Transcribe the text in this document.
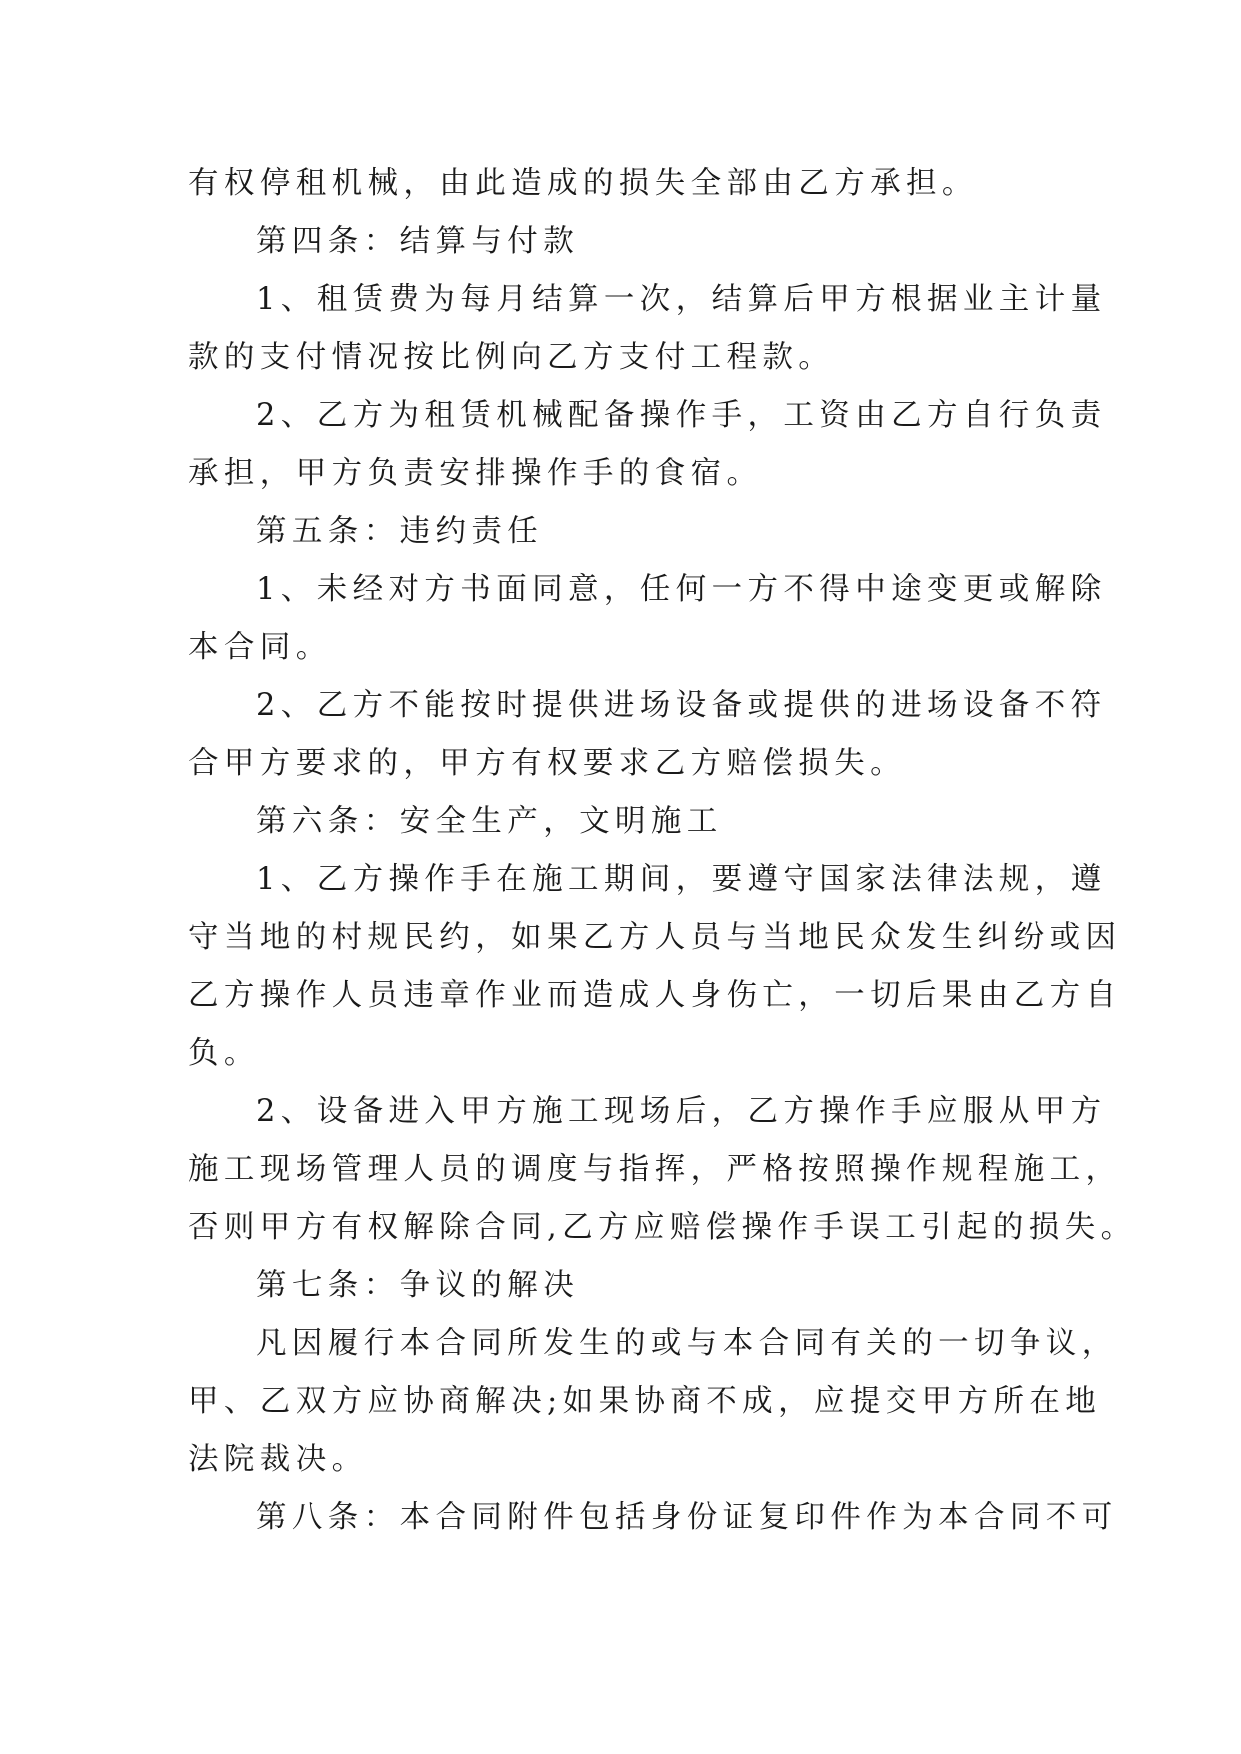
有权停租机械，由此造成的损失全部由乙方承担。
第四条：结算与付款
1、租赁费为每月结算一次，结算后甲方根据业主计量
款的支付情况按比例向乙方支付工程款。
2、乙方为租赁机械配备操作手，工资由乙方自行负责
承担，甲方负责安排操作手的食宿。
第五条：违约责任
1、未经对方书面同意，任何一方不得中途变更或解除
本合同。
2、乙方不能按时提供进场设备或提供的进场设备不符
合甲方要求的，甲方有权要求乙方赔偿损失。
第六条：安全生产，文明施工
1、乙方操作手在施工期间，要遵守国家法律法规，遵
守当地的村规民约，如果乙方人员与当地民众发生纠纷或因
乙方操作人员违章作业而造成人身伤亡，一切后果由乙方自
负。
2、设备进入甲方施工现场后，乙方操作手应服从甲方
施工现场管理人员的调度与指挥，严格按照操作规程施工，
否则甲方有权解除合同,乙方应赔偿操作手误工引起的损失。
第七条：争议的解决
凡因履行本合同所发生的或与本合同有关的一切争议，
甲、乙双方应协商解决;如果协商不成，应提交甲方所在地
法院裁决。
第八条：本合同附件包括身份证复印件作为本合同不可
